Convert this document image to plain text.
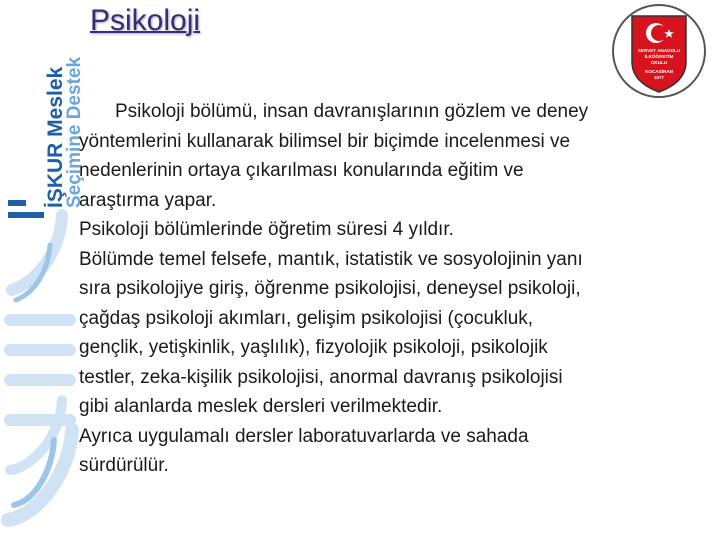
İŞKUR Meslek
Seçimine Destek
Psikoloji
SERVET ANADOLU
İLKÖĞRETİM
OKULU
KOCASİNAN
1977

Psikoloji bölümü, insan davranışlarının gözlem ve deney

yöntemlerini kullanarak bilimsel bir biçimde incelenmesi ve

nedenlerinin ortaya çıkarılması konularında eğitim ve

araştırma yapar.

Psikoloji bölümlerinde öğretim süresi 4 yıldır.

Bölümde temel felsefe, mantık, istatistik ve sosyolojinin yanı

sıra psikolojiye giriş, öğrenme psikolojisi, deneysel psikoloji,

çağdaş psikoloji akımları, gelişim psikolojisi (çocukluk,

gençlik, yetişkinlik, yaşlılık), fizyolojik psikoloji, psikolojik

testler, zeka-kişilik psikolojisi, anormal davranış psikolojisi

gibi alanlarda meslek dersleri verilmektedir.

Ayrıca uygulamalı dersler laboratuvarlarda ve sahada

sürdürülür.
